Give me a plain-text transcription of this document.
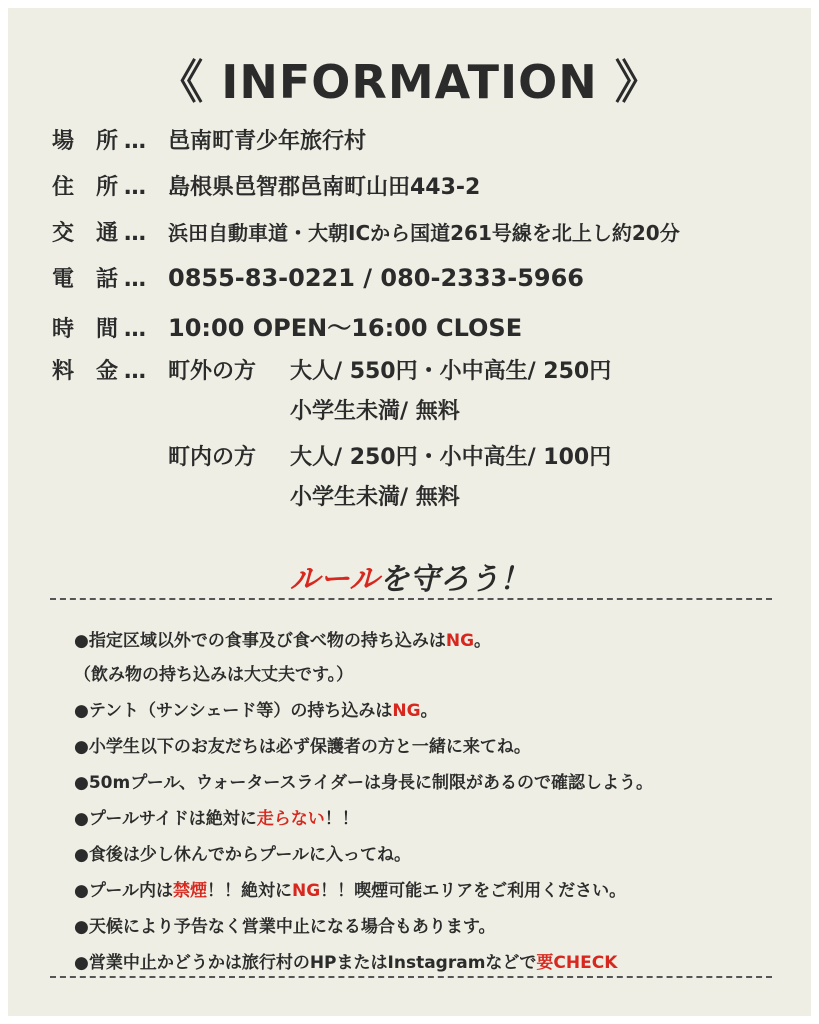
《 INFORMATION 》
場　所 …	邑南町青少年旅行村
住　所 …	島根県邑智郡邑南町山田443-2
交　通 …	浜田自動車道・大朝ICから国道261号線を北上し約20分
電　話 … 0855-83-0221 / 080-2333-5966
時　間 … 10:00 OPEN〜16:00 CLOSE
料　金 …	町外の方 大人/ 550円・小中高生/ 250円
小学生未満/ 無料
町内の方 大人/ 250円・小中高生/ 100円
小学生未満/ 無料
ルールを守ろう！
●指定区域以外での食事及び食べ物の持ち込みはNG。
（飲み物の持ち込みは大丈夫です。）
●テント（サンシェード等）の持ち込みはNG。
●小学生以下のお友だちは必ず保護者の方と一緒に来てね。
●50mプール、ウォータースライダーは身長に制限があるので確認しよう。
●プールサイドは絶対に走らない！！
●食後は少し休んでからプールに入ってね。
●プール内は禁煙！！絶対にNG！！喫煙可能エリアをご利用ください。
●天候により予告なく営業中止になる場合もあります。
●営業中止かどうかは旅行村のHPまたはInstagramなどで要CHECK
